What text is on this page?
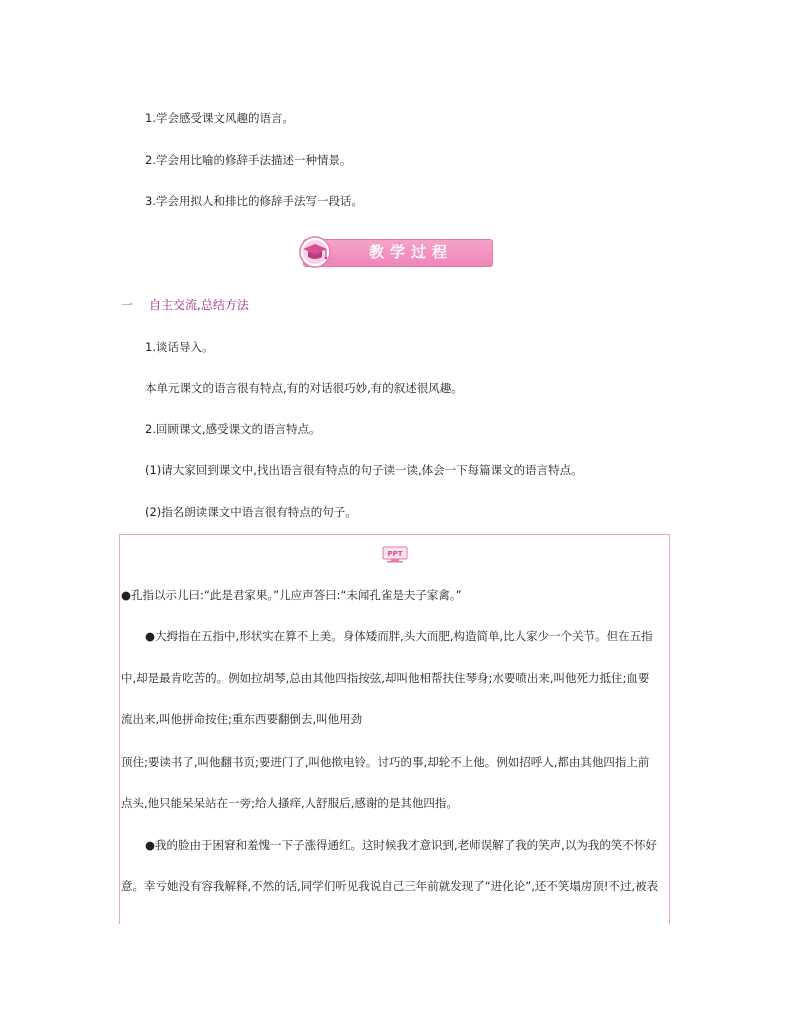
1.学会感受课文风趣的语言。
2.学会用比喻的修辞手法描述一种情景。
3.学会用拟人和排比的修辞手法写一段话。
教学过程
一 自主交流,总结方法
1.谈话导入。
本单元课文的语言很有特点,有的对话很巧妙,有的叙述很风趣。
2.回顾课文,感受课文的语言特点。
(1)请大家回到课文中,找出语言很有特点的句子读一读,体会一下每篇课文的语言特点。
(2)指名朗读课文中语言很有特点的句子。
PPT
●孔指以示儿曰:“此是君家果。”儿应声答曰:“未闻孔雀是夫子家禽。”
●大拇指在五指中,形状实在算不上美。身体矮而胖,头大而肥,构造简单,比人家少一个关节。但在五指
中,却是最肯吃苦的。例如拉胡琴,总由其他四指按弦,却叫他相帮扶住琴身;水要喷出来,叫他死力抵住;血要
流出来,叫他拼命按住;重东西要翻倒去,叫他用劲
顶住;要读书了,叫他翻书页;要进门了,叫他揿电铃。讨巧的事,却轮不上他。例如招呼人,都由其他四指上前
点头,他只能呆呆站在一旁;给人搔痒,人舒服后,感谢的是其他四指。
●我的脸由于困窘和羞愧一下子涨得通红。这时候我才意识到,老师误解了我的笑声,以为我的笑不怀好
意。幸亏她没有容我解释,不然的话,同学们听见我说自己三年前就发现了“进化论”,还不笑塌房顶!不过,被表
